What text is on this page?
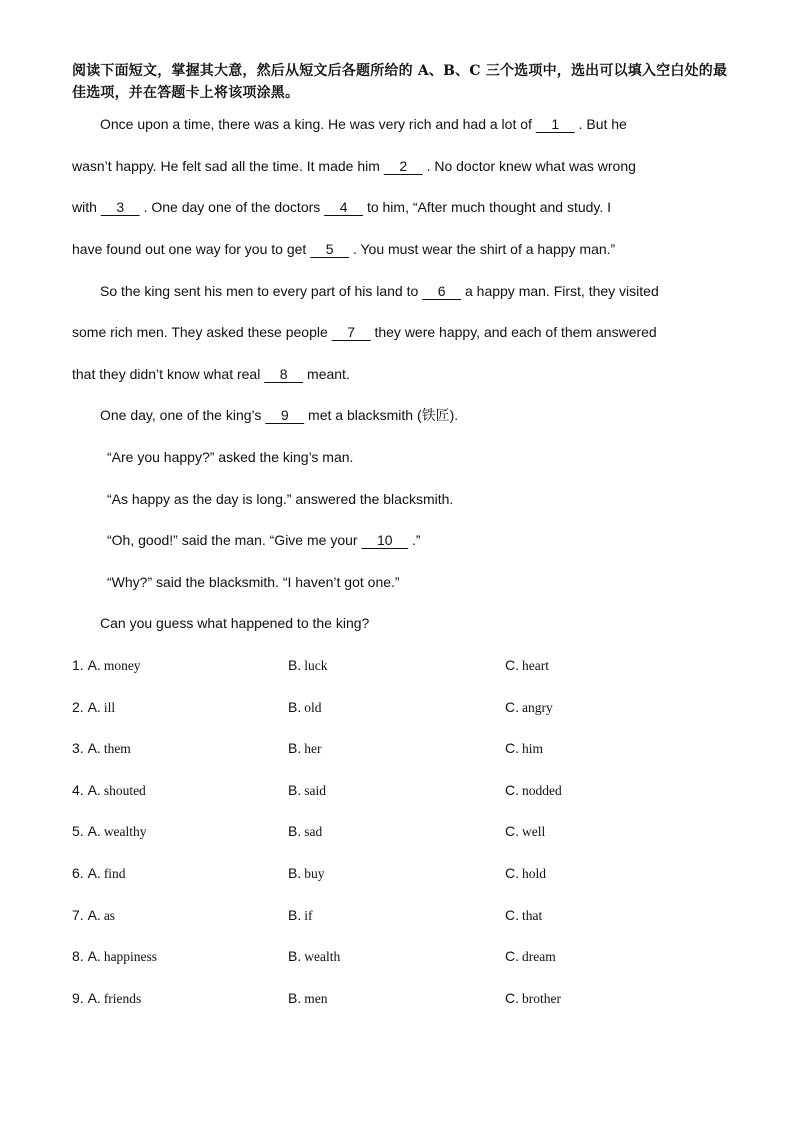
阅读下面短文，掌握其大意，然后从短文后各题所给的 A、B、C 三个选项中，选出可以填入空白处的最佳选项，并在答题卡上将该项涂黑。
Once upon a time, there was a king. He was very rich and had a lot of     1     . But he
wasn’t happy. He felt sad all the time. It made him     2     . No doctor knew what was wrong
with     3     . One day one of the doctors     4     to him, “After much thought and study. I
have found out one way for you to get     5     . You must wear the shirt of a happy man.”
So the king sent his men to every part of his land to     6     a happy man. First, they visited
some rich men. They asked these people     7     they were happy, and each of them answered
that they didn’t know what real     8     meant.
One day, one of the king’s     9     met a blacksmith (铁匠).
“Are you happy?” asked the king’s man.
“As happy as the day is long.” answered the blacksmith.
“Oh, good!” said the man. “Give me your     10     .”
“Why?” said the blacksmith. “I haven’t got one.”
Can you guess what happened to the king?
1. A. money	B. luck	C. heart
2. A. ill	B. old	C. angry
3. A. them	B. her	C. him
4. A. shouted	B. said	C. nodded
5. A. wealthy	B. sad	C. well
6. A. find	B. buy	C. hold
7. A. as	B. if	C. that
8. A. happiness	B. wealth	C. dream
9. A. friends	B. men	C. brother
